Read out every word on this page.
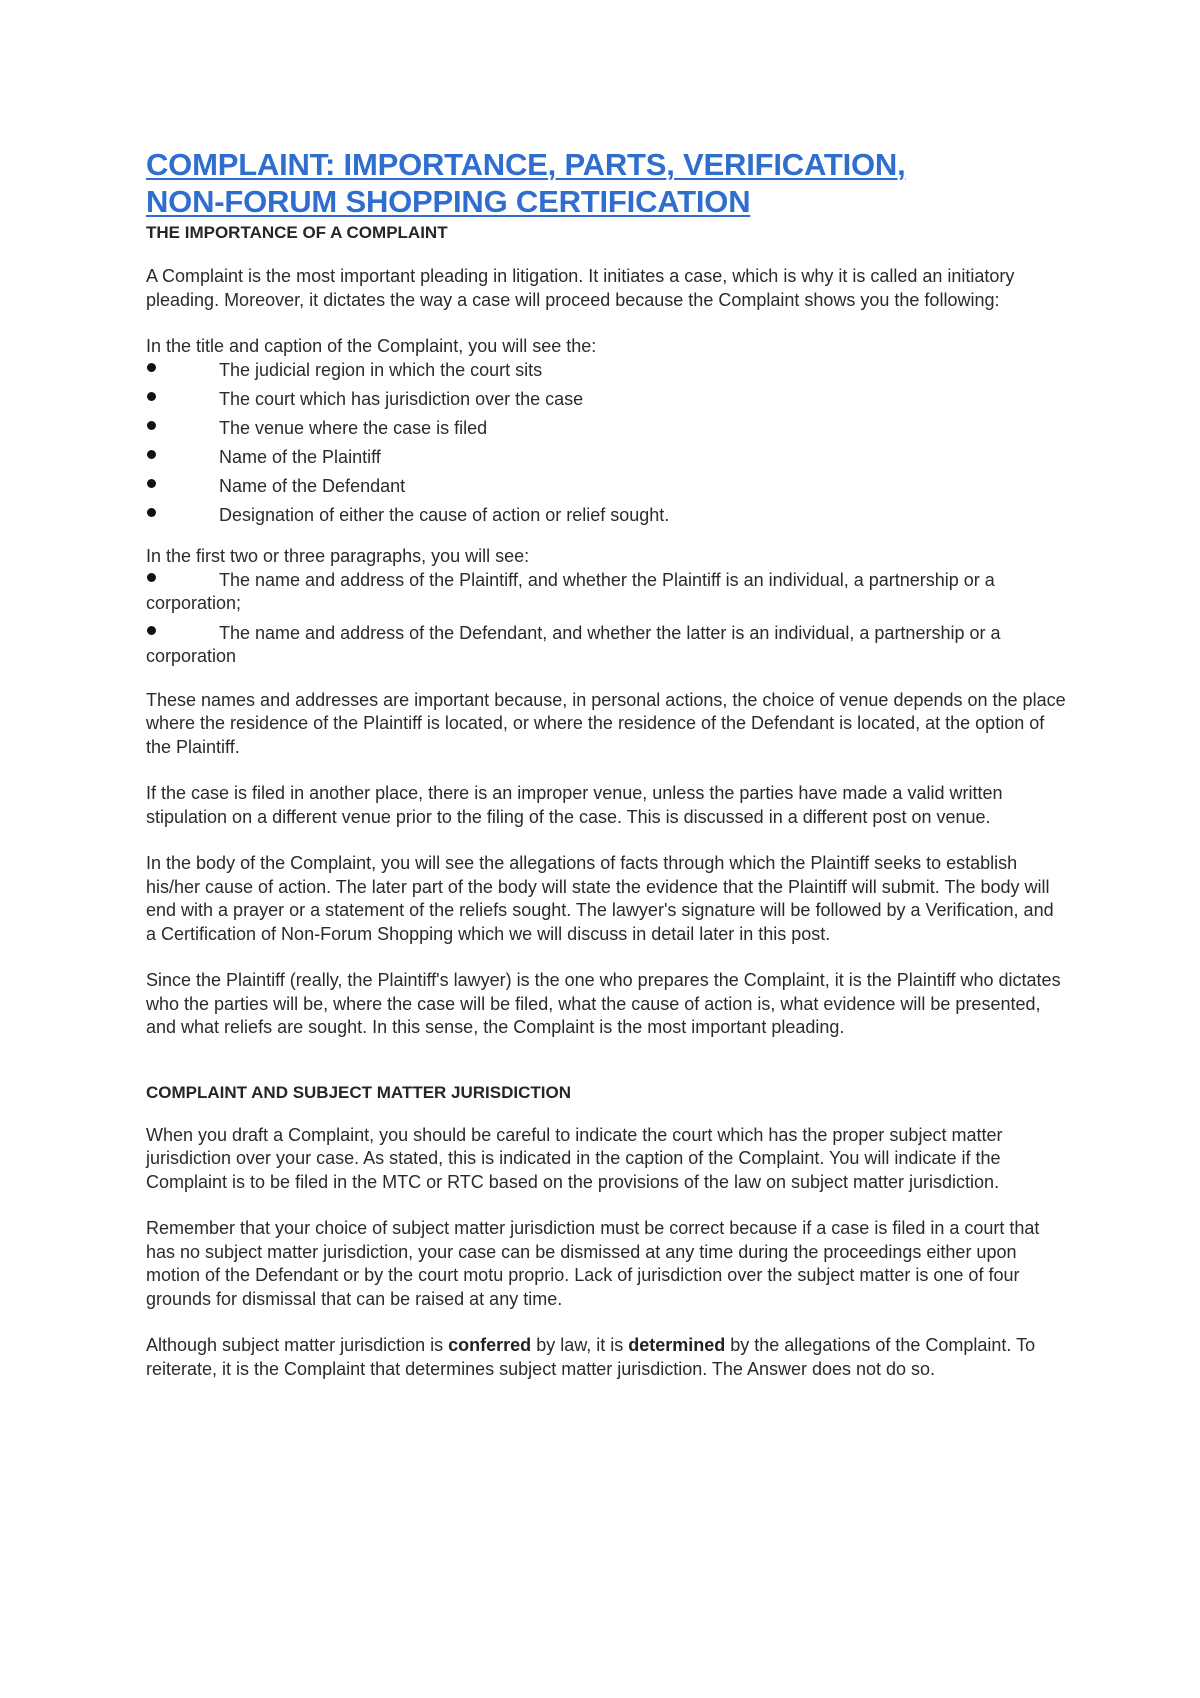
COMPLAINT: IMPORTANCE, PARTS, VERIFICATION,
NON-FORUM SHOPPING CERTIFICATION
THE IMPORTANCE OF A COMPLAINT

A Complaint is the most important pleading in litigation. It initiates a case, which is why it is called an initiatory pleading. Moreover, it dictates the way a case will proceed because the Complaint shows you the following:

In the title and caption of the Complaint, you will see the:

The judicial region in which the court sits
The court which has jurisdiction over the case
The venue where the case is filed
Name of the Plaintiff
Name of the Defendant
Designation of either the cause of action or relief sought.

In the first two or three paragraphs, you will see:

The name and address of the Plaintiff, and whether the Plaintiff is an individual, a partnership or a corporation;
The name and address of the Defendant, and whether the latter is an individual, a partnership or a corporation

These names and addresses are important because, in personal actions, the choice of venue depends on the place where the residence of the Plaintiff is located, or where the residence of the Defendant is located, at the option of the Plaintiff.

If the case is filed in another place, there is an improper venue, unless the parties have made a valid written stipulation on a different venue prior to the filing of the case. This is discussed in a different post on venue.

In the body of the Complaint, you will see the allegations of facts through which the Plaintiff seeks to establish his/her cause of action. The later part of the body will state the evidence that the Plaintiff will submit. The body will end with a prayer or a statement of the reliefs sought. The lawyer's signature will be followed by a Verification, and a Certification of Non-Forum Shopping which we will discuss in detail later in this post.

Since the Plaintiff (really, the Plaintiff's lawyer) is the one who prepares the Complaint, it is the Plaintiff who dictates who the parties will be, where the case will be filed, what the cause of action is, what evidence will be presented, and what reliefs are sought. In this sense, the Complaint is the most important pleading.

COMPLAINT AND SUBJECT MATTER JURISDICTION

When you draft a Complaint, you should be careful to indicate the court which has the proper subject matter jurisdiction over your case. As stated, this is indicated in the caption of the Complaint. You will indicate if the Complaint is to be filed in the MTC or RTC based on the provisions of the law on subject matter jurisdiction.

Remember that your choice of subject matter jurisdiction must be correct because if a case is filed in a court that has no subject matter jurisdiction, your case can be dismissed at any time during the proceedings either upon motion of the Defendant or by the court motu proprio. Lack of jurisdiction over the subject matter is one of four grounds for dismissal that can be raised at any time.

Although subject matter jurisdiction is conferred by law, it is determined by the allegations of the Complaint. To reiterate, it is the Complaint that determines subject matter jurisdiction. The Answer does not do so.
